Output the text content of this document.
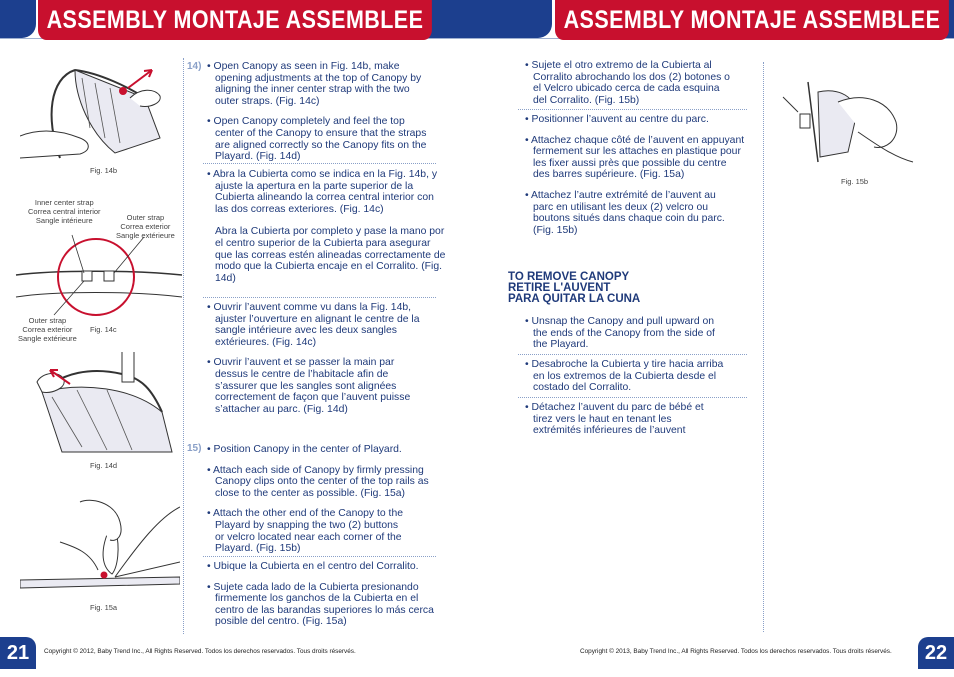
ASSEMBLY MONTAJE ASSEMBLEE	ASSEMBLY MONTAJE ASSEMBLEE
Fig. 14b
Inner center strap
Correa central interior
Sangle intérieure	Outer strap
Correa exterior
Sangle extérieure
Outer strap
Correa exterior
Sangle extérieure
Fig. 14c
Fig. 14d
Fig. 15a
14) • Open Canopy as seen in Fig. 14b, make opening adjustments at the top of Canopy by aligning the inner center strap with the two outer straps. (Fig. 14c)

• Open Canopy completely and feel the top center of the Canopy to ensure that the straps are aligned correctly so the Canopy fits on the Playard. (Fig. 14d)

• Abra la Cubierta como se indica en la Fig. 14b, y ajuste la apertura en la parte superior de la Cubierta alineando la correa central interior con las dos correas exteriores. (Fig. 14c)

Abra la Cubierta por completo y pase la mano por el centro superior de la Cubierta para asegurar que las correas estén alineadas correctamente de modo que la Cubierta encaje en el Corralito. (Fig. 14d)

• Ouvrir l’auvent comme vu dans la Fig. 14b, ajuster l’ouverture en alignant le centre de la sangle intérieure avec les deux sangles extérieures. (Fig. 14c)

• Ouvrir l’auvent et se passer la main par dessus le centre de l’habitacle afin de s’assurer que les sangles sont alignées correctement de façon que l’auvent puisse s’attacher au parc. (Fig. 14d)

15) • Position Canopy in the center of Playard.

• Attach each side of Canopy by firmly pressing Canopy clips onto the center of the top rails as close to the center as possible. (Fig. 15a)

• Attach the other end of the Canopy to the Playard by snapping the two (2) buttons or velcro located near each corner of the Playard. (Fig. 15b)

• Ubique la Cubierta en el centro del Corralito.

• Sujete cada lado de la Cubierta presionando firmemente los ganchos de la Cubierta en el centro de las barandas superiores lo más cerca posible del centro. (Fig. 15a)

• Sujete el otro extremo de la Cubierta al Corralito abrochando los dos (2) botones o el Velcro ubicado cerca de cada esquina del Corralito. (Fig. 15b)

• Positionner l’auvent au centre du parc.

• Attachez chaque côté de l’auvent en appuyant fermement sur les attaches en plastique pour les fixer aussi près que possible du centre des barres supérieure. (Fig. 15a)

• Attachez l’autre extrémité de l’auvent au parc en utilisant les deux (2) velcro ou boutons situés dans chaque coin du parc. (Fig. 15b)

TO REMOVE CANOPY
RETIRE L'AUVENT
PARA QUITAR LA CUNA

• Unsnap the Canopy and pull upward on the ends of the Canopy from the side of the Playard.

• Desabroche la Cubierta y tire hacia arriba en los extremos de la Cubierta desde el costado del Corralito.

• Détachez l’auvent du parc de bébé et tirez vers le haut en tenant les extrémités inférieures de l’auvent

Fig. 15b
21	22
Copyright © 2012, Baby Trend Inc., All Rights Reserved. Todos los derechos reservados. Tous droits réservés.	Copyright © 2013, Baby Trend Inc., All Rights Reserved. Todos los derechos reservados. Tous droits réservés.
